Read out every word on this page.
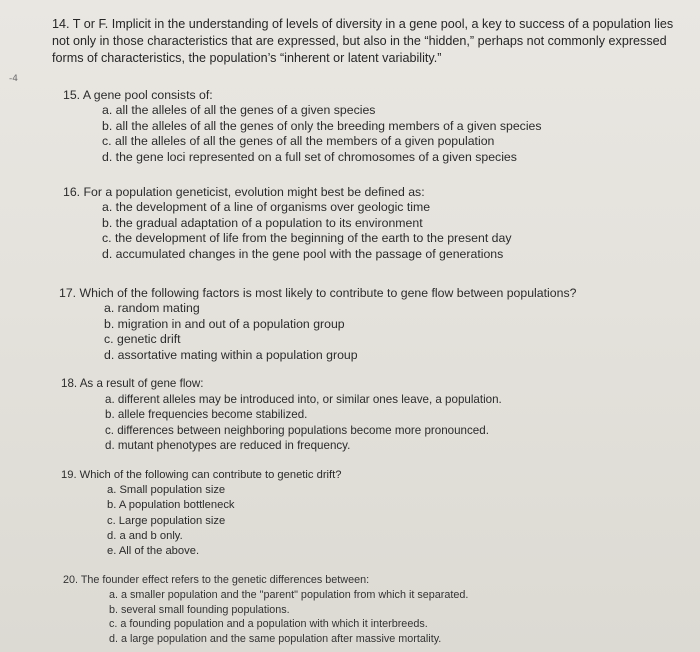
14. T or F. Implicit in the understanding of levels of diversity in a gene pool, a key to success of a population lies not only in those characteristics that are expressed, but also in the “hidden,” perhaps not commonly expressed forms of characteristics, the population’s “inherent or latent variability.”
-4
15. A gene pool consists of:
a. all the alleles of all the genes of a given species
b. all the alleles of all the genes of only the breeding members of a given species
c. all the alleles of all the genes of all the members of a given population
d. the gene loci represented on a full set of chromosomes of a given species
16. For a population geneticist, evolution might best be defined as:
a. the development of a line of organisms over geologic time
b. the gradual adaptation of a population to its environment
c. the development of life from the beginning of the earth to the present day
d. accumulated changes in the gene pool with the passage of generations
17. Which of the following factors is most likely to contribute to gene flow between populations?
a. random mating
b. migration in and out of a population group
c. genetic drift
d. assortative mating within a population group
18. As a result of gene flow:
a. different alleles may be introduced into, or similar ones leave, a population.
b. allele frequencies become stabilized.
c. differences between neighboring populations become more pronounced.
d. mutant phenotypes are reduced in frequency.
19. Which of the following can contribute to genetic drift?
a. Small population size
b. A population bottleneck
c. Large population size
d. a and b only.
e. All of the above.
20. The founder effect refers to the genetic differences between:
a. a smaller population and the "parent" population from which it separated.
b. several small founding populations.
c. a founding population and a population with which it interbreeds.
d. a large population and the same population after massive mortality.
